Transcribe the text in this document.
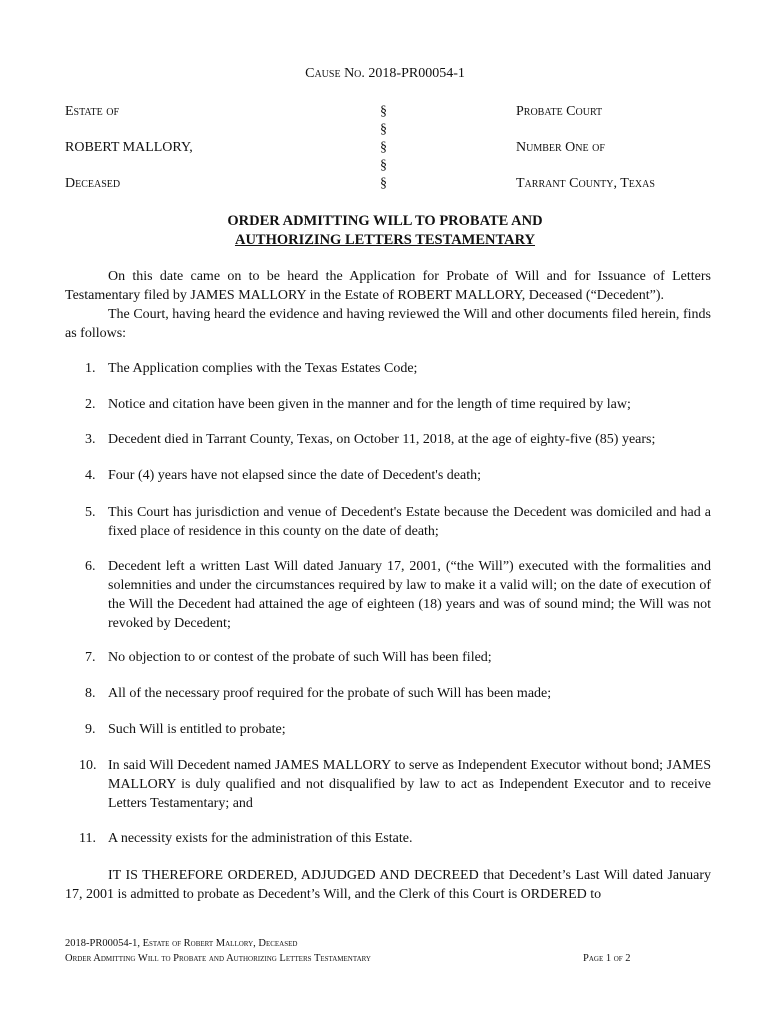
Cause No. 2018-PR00054-1
Estate of	§	Probate Court
§
ROBERT MALLORY,	§	Number One of
§
Deceased	§	Tarrant County, Texas
ORDER ADMITTING WILL TO PROBATE AND
AUTHORIZING LETTERS TESTAMENTARY
On this date came on to be heard the Application for Probate of Will and for Issuance of Letters Testamentary filed by JAMES MALLORY in the Estate of ROBERT MALLORY, Deceased (“Decedent”).
The Court, having heard the evidence and having reviewed the Will and other documents filed herein, finds as follows:
1. The Application complies with the Texas Estates Code;
2. Notice and citation have been given in the manner and for the length of time required by law;
3. Decedent died in Tarrant County, Texas, on October 11, 2018, at the age of eighty-five (85) years;
4. Four (4) years have not elapsed since the date of Decedent's death;
5. This Court has jurisdiction and venue of Decedent's Estate because the Decedent was domiciled and had a fixed place of residence in this county on the date of death;
6. Decedent left a written Last Will dated January 17, 2001, (“the Will”) executed with the formalities and solemnities and under the circumstances required by law to make it a valid will; on the date of execution of the Will the Decedent had attained the age of eighteen (18) years and was of sound mind; the Will was not revoked by Decedent;
7. No objection to or contest of the probate of such Will has been filed;
8. All of the necessary proof required for the probate of such Will has been made;
9. Such Will is entitled to probate;
10. In said Will Decedent named JAMES MALLORY to serve as Independent Executor without bond; JAMES MALLORY is duly qualified and not disqualified by law to act as Independent Executor and to receive Letters Testamentary; and
11. A necessity exists for the administration of this Estate.
IT IS THEREFORE ORDERED, ADJUDGED AND DECREED that Decedent’s Last Will dated January 17, 2001 is admitted to probate as Decedent’s Will, and the Clerk of this Court is ORDERED to
2018-PR00054-1, Estate of Robert Mallory, Deceased
Order Admitting Will to Probate and Authorizing Letters Testamentary	Page 1 of 2
